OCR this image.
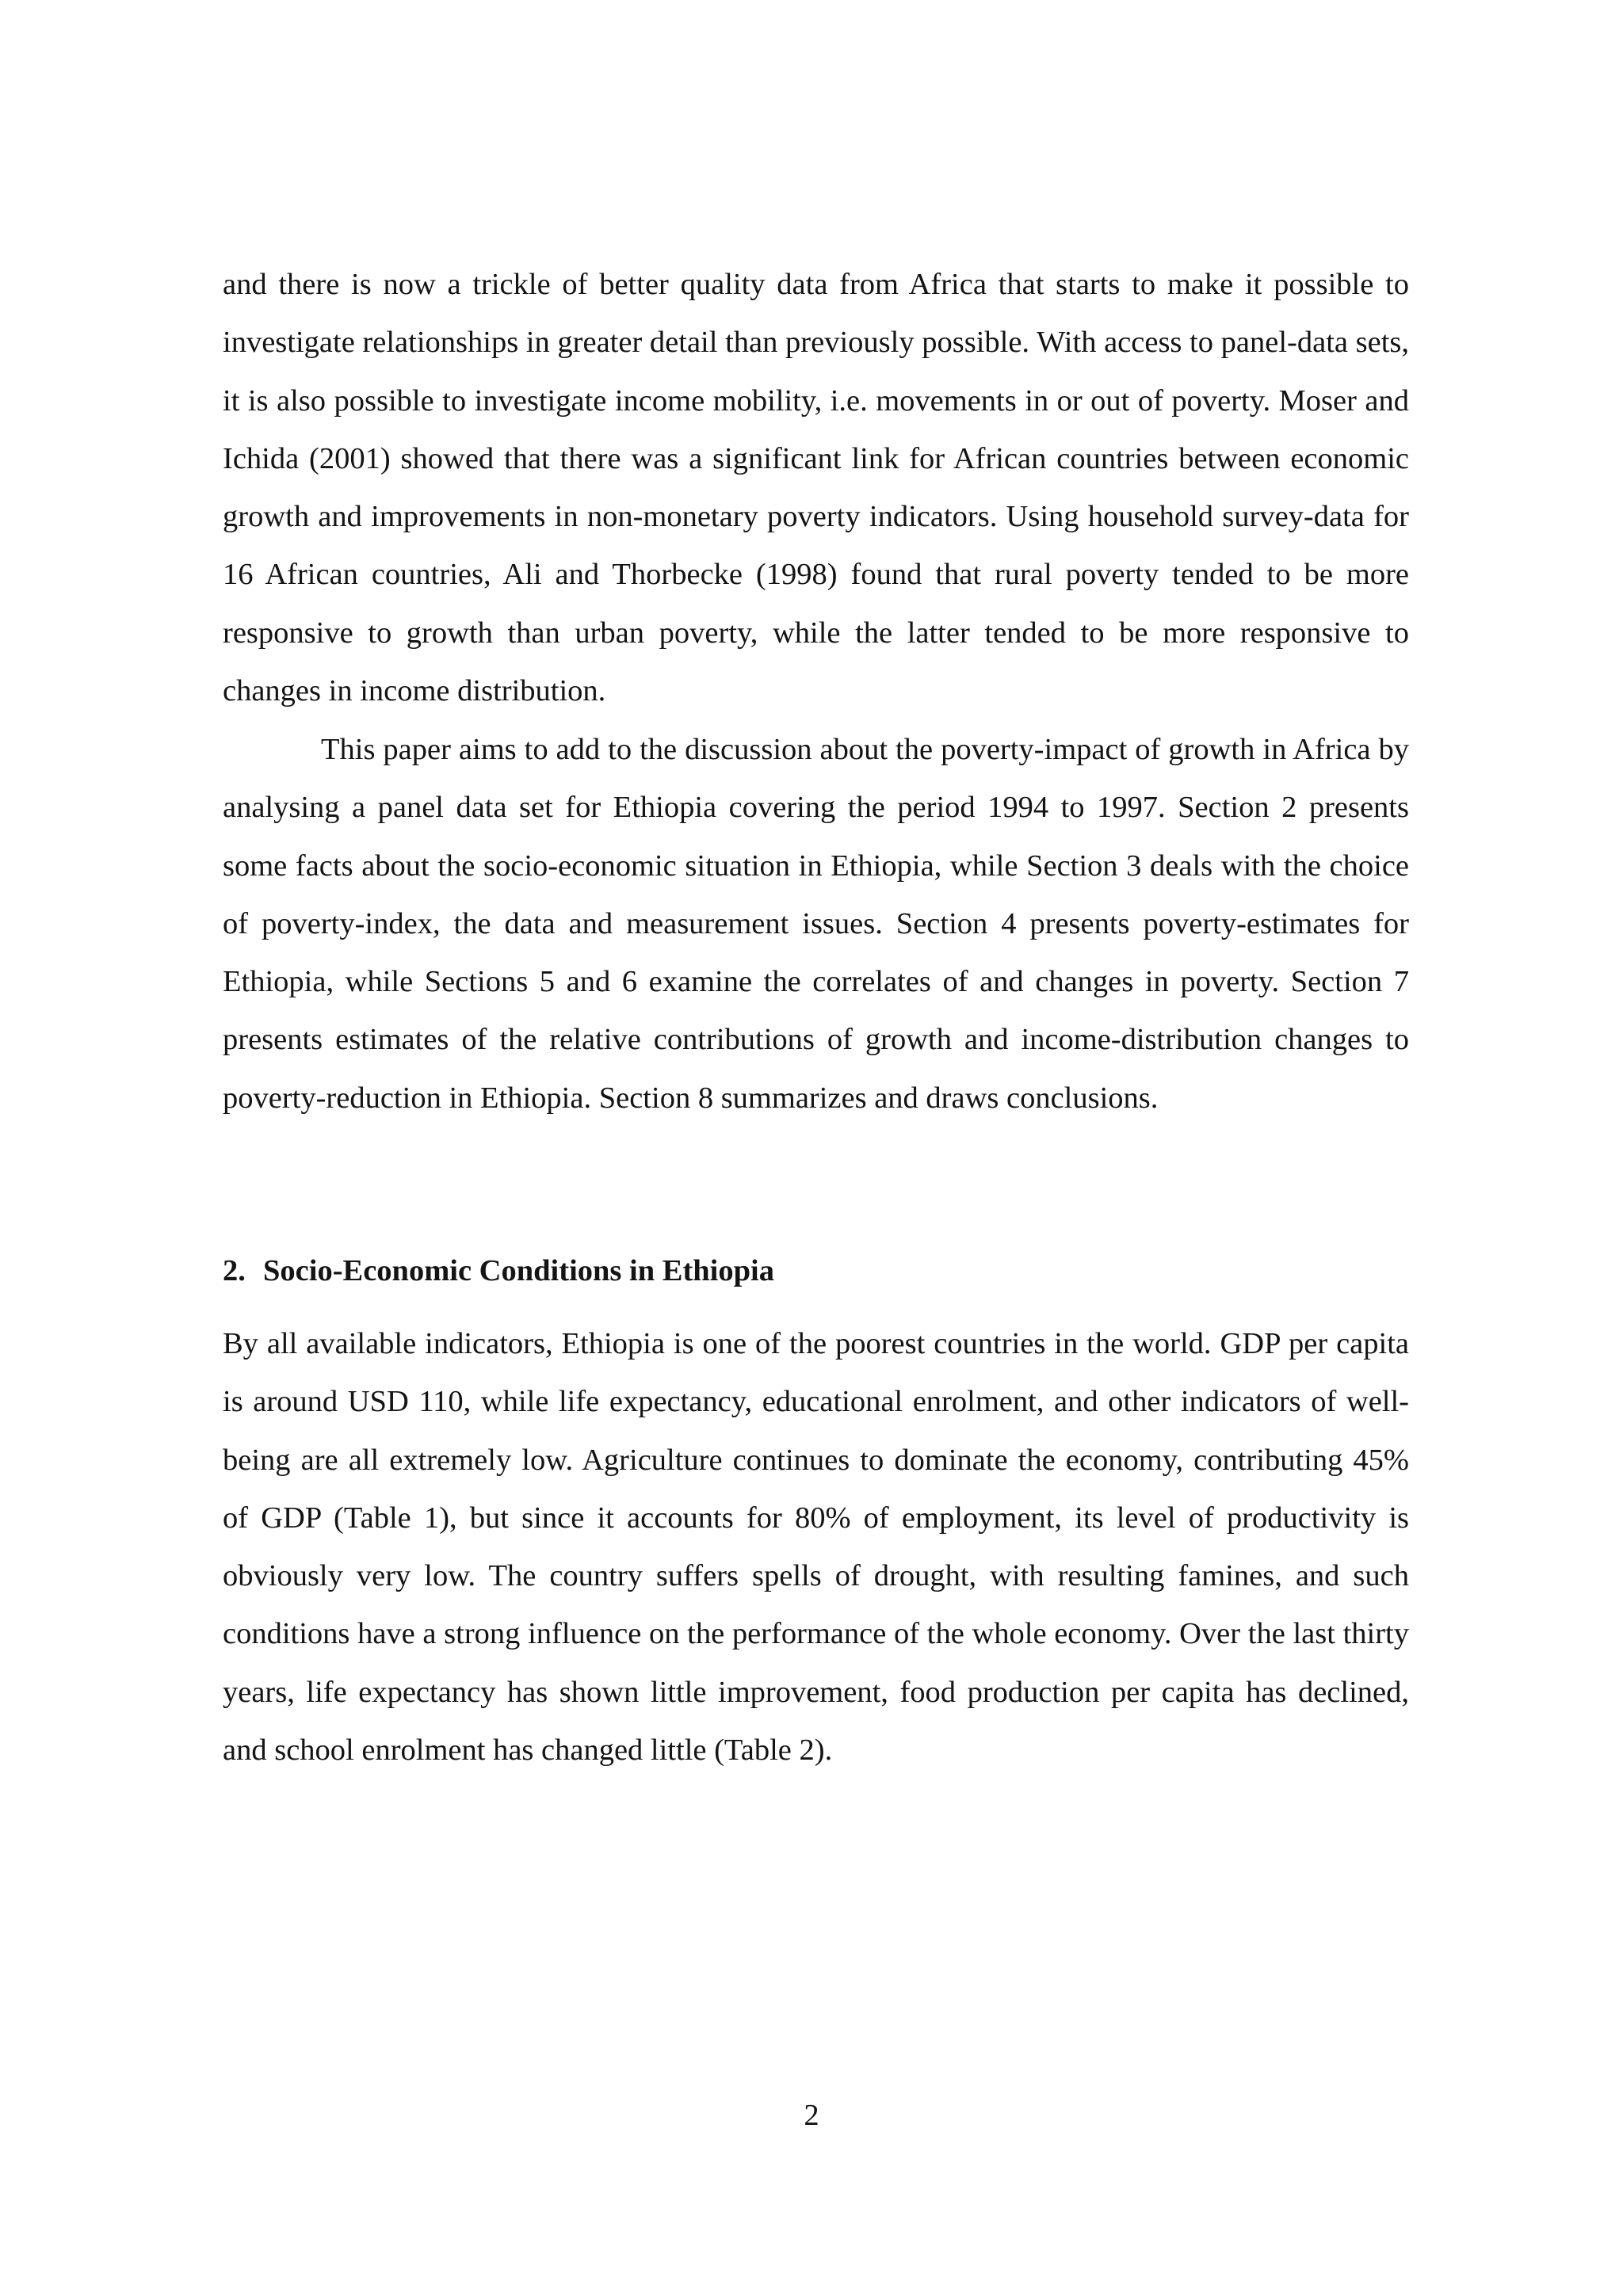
and there is now a trickle of better quality data from Africa that starts to make it possible to investigate relationships in greater detail than previously possible. With access to panel-data sets, it is also possible to investigate income mobility, i.e. movements in or out of poverty. Moser and Ichida (2001) showed that there was a significant link for African countries between economic growth and improvements in non-monetary poverty indicators. Using household survey-data for 16 African countries, Ali and Thorbecke (1998) found that rural poverty tended to be more responsive to growth than urban poverty, while the latter tended to be more responsive to changes in income distribution.

This paper aims to add to the discussion about the poverty-impact of growth in Africa by analysing a panel data set for Ethiopia covering the period 1994 to 1997. Section 2 presents some facts about the socio-economic situation in Ethiopia, while Section 3 deals with the choice of poverty-index, the data and measurement issues. Section 4 presents poverty-estimates for Ethiopia, while Sections 5 and 6 examine the correlates of and changes in poverty. Section 7 presents estimates of the relative contributions of growth and income-distribution changes to poverty-reduction in Ethiopia. Section 8 summarizes and draws conclusions.

2. Socio-Economic Conditions in Ethiopia

By all available indicators, Ethiopia is one of the poorest countries in the world. GDP per capita is around USD 110, while life expectancy, educational enrolment, and other indicators of well-being are all extremely low. Agriculture continues to dominate the economy, contributing 45% of GDP (Table 1), but since it accounts for 80% of employment, its level of productivity is obviously very low. The country suffers spells of drought, with resulting famines, and such conditions have a strong influence on the performance of the whole economy. Over the last thirty years, life expectancy has shown little improvement, food production per capita has declined, and school enrolment has changed little (Table 2).

2
